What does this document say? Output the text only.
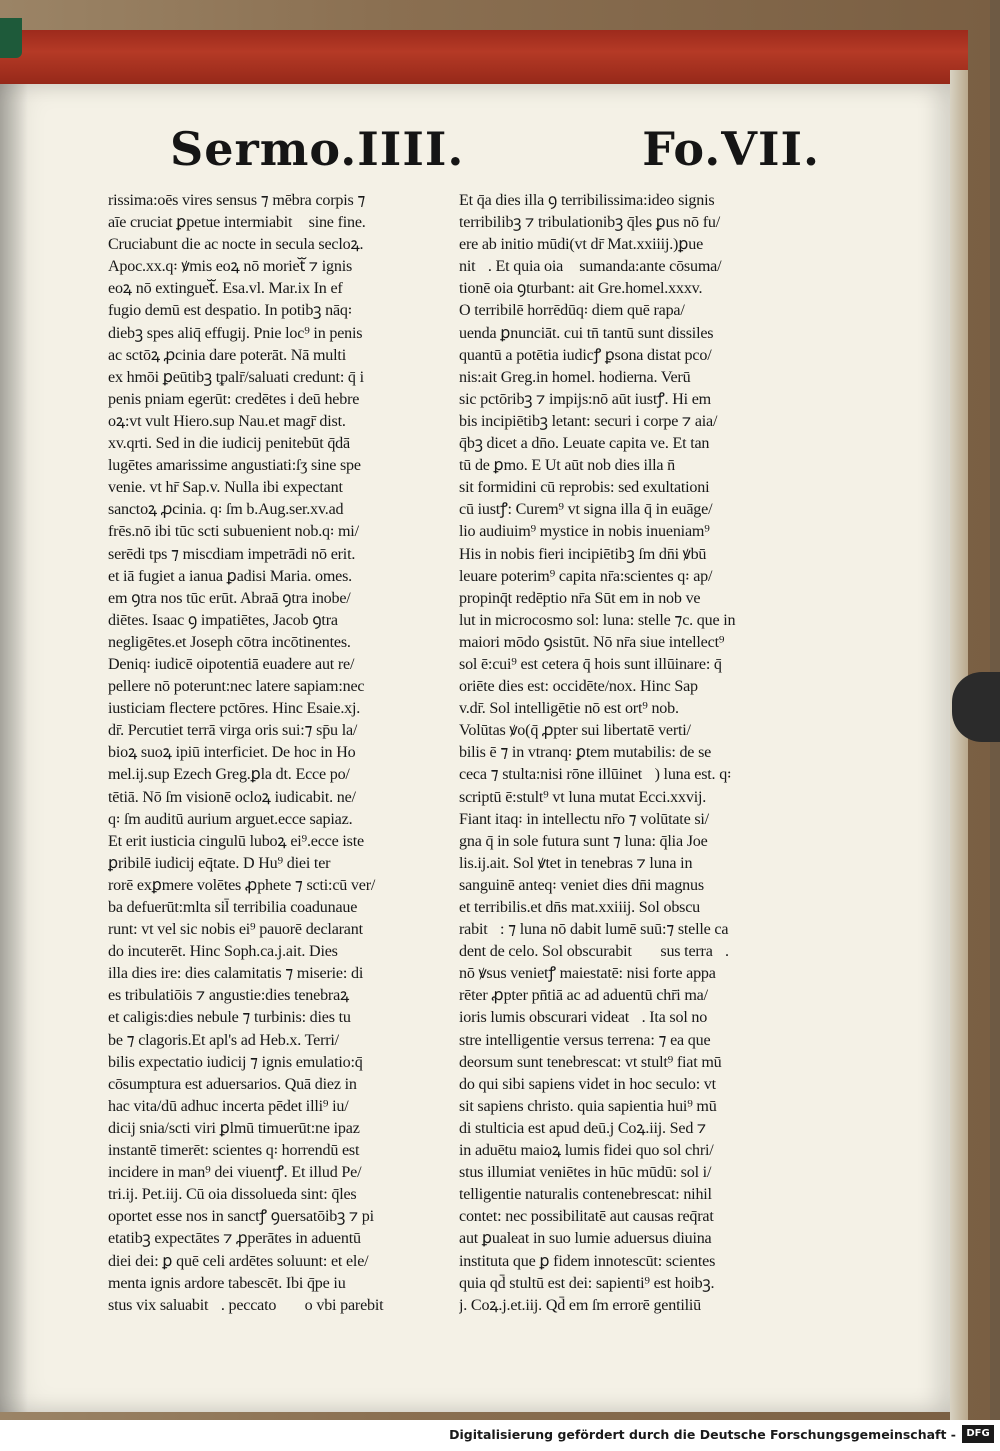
Sermo.IIII.	Fo.VII.
rissima:oēs vires sensus ⁊ mēbra corpis ⁊
aīe cruciat ꝑpetue intermiabitᷓ sine fine.
Cruciabunt die ac nocte in secula secloꝝ.
Apoc.xx.q꞉ ꝟmis eoꝝ nō morietᷓ ⁊ ignis
eoꝝ nō extinguetᷓ. Esa.vl. Mar.ix In ef
fugio demū est despatio. In potibꝫ nāq꞉
diebꝫ spes aliq̄ effugij. Pnie loc⁹ in penis
ac sctōꝝ ꝓcinia dare poterāt. Nā multi
ex hmōi ꝑeūtibꝫ tᵱalr̄/saluati credunt: q̄ i
penis pniam egerūt: credētes i deū hebre
oꝝ:vt vult Hiero.sup Nau.et magr̄ dist.
xv.qrti. Sed in die iudicij penitebūt q̄dā
lugētes amarissime angustiati:ſʒ sine spe
venie. vt hr̄ Sap.v. Nulla ibi expectant
sanctoꝝ ꝓcinia. q꞉ ſm b.Aug.ser.xv.ad
frēs.nō ibi tūc scti subuenient nob.q꞉ mi/
serēdi tps ⁊ miscdiam impetrādi nō erit.
et iā fugiet a ianua ꝑadisi Maria. omes.
em ꝯtra nos tūc erūt. Abraā ꝯtra inobe/
diētes. Isaac ꝯ impatiētes, Jacob ꝯtra
negligētes.et Joseph cōtra incōtinentes.
Deniq꞉ iudicē oipotentiā euadere aut re/
pellere nō poterunt:nec latere sapiam:nec
iusticiam flectere pctōres. Hinc Esaie.xj.
dr̄. Percutiet terrā virga oris sui:⁊ sp̄u la/
bioꝝ suoꝝ ipiū interficiet. De hoc in Ho
mel.ij.sup Ezech Greg.ꝑla dt. Ecce po/
tētiā. Nō ſm visionē ocloꝝ iudicabit. ne/
q꞉ ſm auditū aurium arguet.ecce sapiaz.
Et erit iusticia cingulū luboꝝ ei⁹.ecce iste
ꝑribilē iudicij eq̄tate. D Hu⁹ diei ter
rorē exꝑmere volētes ꝓphete ⁊ scti:cū ver/
ba defuerūt:mlta sil̄ terribilia coadunaue
runt: vt vel sic nobis ei⁹ pauorē declarant
do incuterēt. Hinc Soph.ca.j.ait. Dies
illa dies ire: dies calamitatis ⁊ miserie: di
es tribulatiōis ⁊ angustie:dies tenebraꝝ
et caligis:dies nebule ⁊ turbinis: dies tu
be ⁊ clagoris.Et apl's ad Heb.x. Terri/
bilis expectatio iudicij ⁊ ignis emulatio:q̄
cōsumptura est aduersarios. Quā diez in
hac vita/dū adhuc incerta pēdet illi⁹ iu/
dicij snia/scti viri ꝑlmū timuerūt:ne ipaz
instantē timerēt: scientes q꞉ horrendū est
incidere in man⁹ dei viuentꝭ. Et illud Pe/
tri.ij. Pet.iij. Cū oia dissolueda sint: q̄les
oportet esse nos in sanctꝭ ꝯuersatōibꝫ ⁊ pi
etatibꝫ expectātes ⁊ ꝓperātes in aduentū
diei dei: ꝑ quē celi ardētes soluunt: et ele/
menta ignis ardore tabescēt. Ibi q̄pe iu
stus vix saluabitᷓ. peccatoꝝ ꝟo vbi parebit
Et q̄a dies illa ꝯ terribilissima:ideo signis
terribilibꝫ ⁊ tribulationibꝫ q̄les ꝑus nō fu/
ere ab initio mūdi(vt dr̄ Mat.xxiiij.)ꝑue
nitᷓ. Et quia oia ꝯsumanda:ante cōsuma/
tionē oia ꝯturbant: ait Gre.homel.xxxv.
O terribilē horrēdūq꞉ diem quē rapa/
uenda ꝑnunciāt. cui tn̄ tantū sunt dissiles
quantū a potētia iudicꝭ ꝑsona distat pco/
nis:ait Greg.in homel. hodierna. Verū
sic pctōribꝫ ⁊ impijs:nō aūt iustꝭ. Hi em
bis incipiētibꝫ letant: securi i corpe ⁊ aia/
q̄bꝫ dicet a dn̄o. Leuate capita ve. Et tan
tū de ꝑmo. E Ut aūt nob dies illa n̄
sit formidini cū reprobis: sed exultationi
cū iustꝭ: Curem⁹ vt signa illa q̄ in euāge/
lio audiuim⁹ mystice in nobis inueniam⁹
His in nobis fieri incipiētibꝫ ſm dn̄i ꝟbū
leuare poterim⁹ capita nr̄a:scientes q꞉ ap/
propinq̄t redēptio nr̄a Sūt em in nob ve
lut in microcosmo sol: luna: stelle ⁊c. que in
maiori mōdo ꝯsistūt. Nō nr̄a siue intellect⁹
sol ē:cui⁹ est cetera q̄ hois sunt illūinare: q̄
oriēte dies est: occidēte/nox. Hinc Sap
v.dr̄. Sol intelligētie nō est ort⁹ nob.
Volūtas ꝟo(q̄ ꝓpter sui libertatē verti/
bilis ē ⁊ in vtranq꞉ ꝑtem mutabilis: de se
ceca ⁊ stulta:nisi rōne illūinetᷓ) luna est. q꞉
scriptū ē:stult⁹ vt luna mutat Ecci.xxvij.
Fiant itaq꞉ in intellectu nr̄o ⁊ volūtate si/
gna q̄ in sole futura sunt ⁊ luna: q̄lia Joe
lis.ij.ait. Sol ꝟtet in tenebras ⁊ luna in
sanguinē anteq꞉ veniet dies dn̄i magnus
et terribilis.et dn̄s mat.xxiiij. Sol obscu
rabitᷓ: ⁊ luna nō dabit lumē suū:⁊ stelle ca
dent de celo. Sol obscurabitᷓ ꝟsus terraꝫ.
nō ꝟsus venietꝭ maiestatē: nisi forte appa
rēter ꝓpter pn̄tiā ac ad aduentū chr̄i ma/
ioris lumis obscurari videatᷓ. Ita sol no
stre intelligentie versus terrena: ⁊ ea que
deorsum sunt tenebrescat: vt stult⁹ fiat mū
do qui sibi sapiens videt in hoc seculo: vt
sit sapiens christo. quia sapientia hui⁹ mū
di stulticia est apud deū.j Coꝝ.iij. Sed ⁊
in aduētu maioꝝ lumis fidei quo sol chri/
stus illumiat veniētes in hūc mūdū: sol i/
telligentie naturalis contenebrescat: nihil
contet: nec possibilitatē aut causas req̄rat
aut ꝑualeat in suo lumie aduersus diuina
instituta que ꝑ fidem innotescūt: scientes
quia qd̄ stultū est dei: sapienti⁹ est hoibꝫ.
j. Coꝝ.j.et.iij. Qd̄ em ſm errorē gentiliū
Digitalisierung gefördert durch die Deutsche Forschungsgemeinschaft -	DFG
